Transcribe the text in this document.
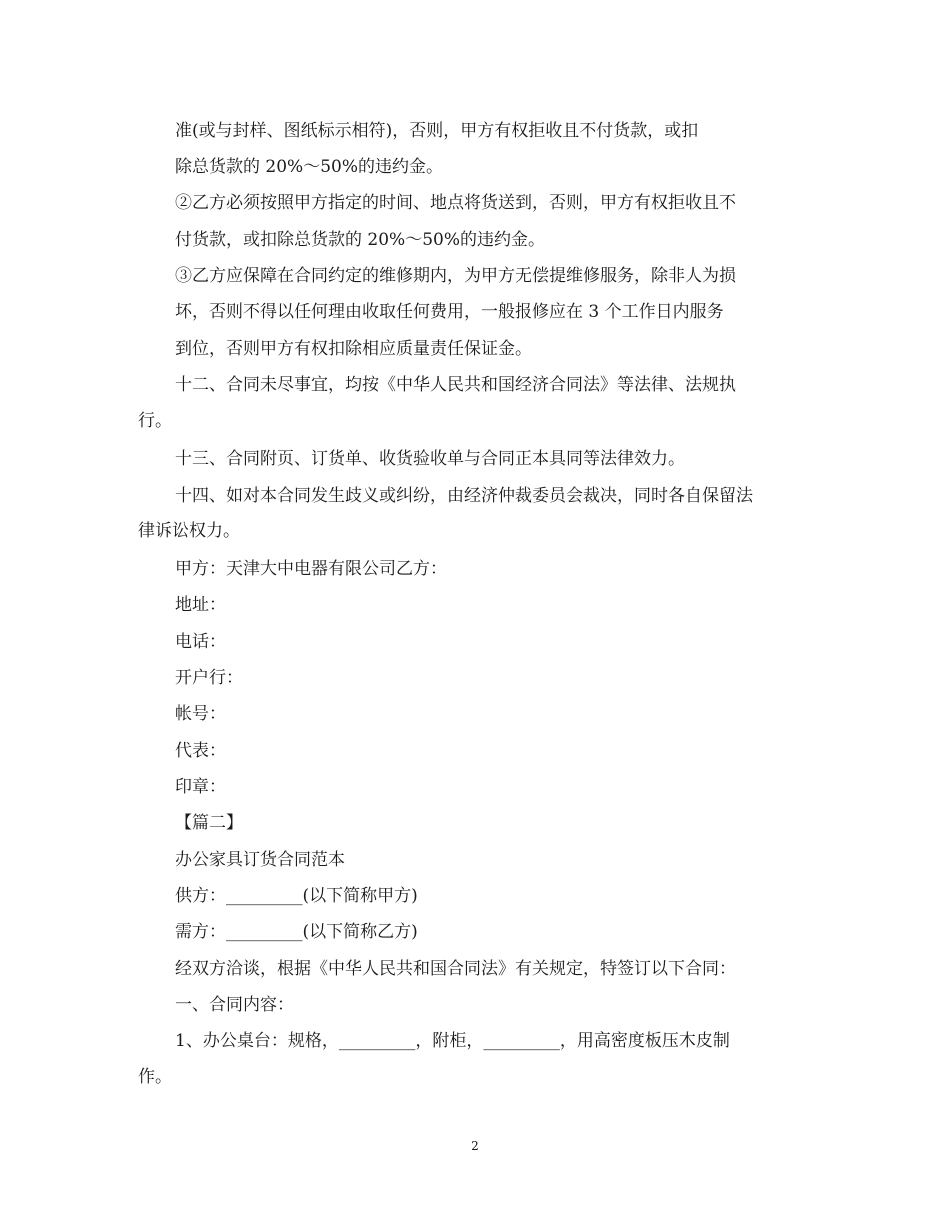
准(或与封样、图纸标示相符)，否则，甲方有权拒收且不付货款，或扣
除总货款的 20%～50%的违约金。
②乙方必须按照甲方指定的时间、地点将货送到，否则，甲方有权拒收且不
付货款，或扣除总货款的 20%～50%的违约金。
③乙方应保障在合同约定的维修期内，为甲方无偿提维修服务，除非人为损
坏，否则不得以任何理由收取任何费用，一般报修应在 3 个工作日内服务
到位，否则甲方有权扣除相应质量责任保证金。
十二、合同未尽事宜，均按《中华人民共和国经济合同法》等法律、法规执
行。
十三、合同附页、订货单、收货验收单与合同正本具同等法律效力。
十四、如对本合同发生歧义或纠纷，由经济仲裁委员会裁决，同时各自保留法
律诉讼权力。
甲方：天津大中电器有限公司乙方：
地址：
电话：
开户行：
帐号：
代表：
印章：
【篇二】
办公家具订货合同范本
供方：_________(以下简称甲方)
需方：_________(以下简称乙方)
经双方洽谈，根据《中华人民共和国合同法》有关规定，特签订以下合同：
一、合同内容：
1、办公桌台：规格，_________，附柜，_________，用高密度板压木皮制
作。
2
